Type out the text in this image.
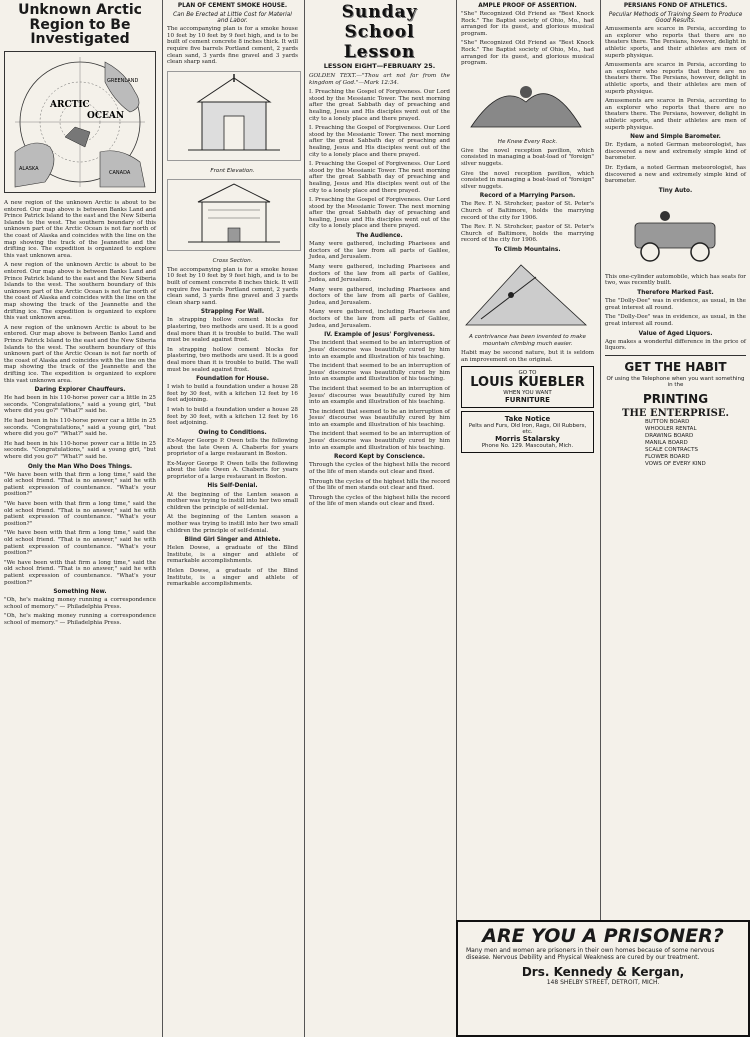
Unknown Arctic Region to Be Investigated
ARCTIC
OCEAN
GREENLAND
ALASKA
CANADA

A new region of the unknown Arctic is about to be entered. Our map above is between Banks Land and Prince Patrick Island to the east and the New Siberia Islands to the west. The southern boundary of this unknown part of the Arctic Ocean is not far north of the coast of Alaska and coincides with the line on the map showing the track of the Jeannette and the drifting ice. The expedition is organized to explore this vast unknown area.

A new region of the unknown Arctic is about to be entered. Our map above is between Banks Land and Prince Patrick Island to the east and the New Siberia Islands to the west. The southern boundary of this unknown part of the Arctic Ocean is not far north of the coast of Alaska and coincides with the line on the map showing the track of the Jeannette and the drifting ice. The expedition is organized to explore this vast unknown area.

A new region of the unknown Arctic is about to be entered. Our map above is between Banks Land and Prince Patrick Island to the east and the New Siberia Islands to the west. The southern boundary of this unknown part of the Arctic Ocean is not far north of the coast of Alaska and coincides with the line on the map showing the track of the Jeannette and the drifting ice. The expedition is organized to explore this vast unknown area.

Daring Explorer Chauffeurs.

He had been in his 110-horse power car a little in 25 seconds. "Congratulations," said a young girl, "but where did you go?" "What?" said he.

He had been in his 110-horse power car a little in 25 seconds. "Congratulations," said a young girl, "but where did you go?" "What?" said he.

He had been in his 110-horse power car a little in 25 seconds. "Congratulations," said a young girl, "but where did you go?" "What?" said he.

Only the Man Who Does Things.

"We have been with that firm a long time," said the old school friend. "That is no answer," said he with patient expression of countenance. "What's your position?"

"We have been with that firm a long time," said the old school friend. "That is no answer," said he with patient expression of countenance. "What's your position?"

"We have been with that firm a long time," said the old school friend. "That is no answer," said he with patient expression of countenance. "What's your position?"

"We have been with that firm a long time," said the old school friend. "That is no answer," said he with patient expression of countenance. "What's your position?"

Something New.

"Oh, he's making money running a correspondence school of memory." — Philadelphia Press.

"Oh, he's making money running a correspondence school of memory." — Philadelphia Press.

PLAN OF CEMENT SMOKE HOUSE.
Can Be Erected at Little Cost for Material and Labor.

The accompanying plan is for a smoke house 10 feet by 10 feet by 9 feet high, and is to be built of cement concrete 8 inches thick. It will require five barrels Portland cement, 2 yards clean sand, 3 yards fine gravel and 3 yards clean sharp sand.

Front Elevation.
Cross Section.

The accompanying plan is for a smoke house 10 feet by 10 feet by 9 feet high, and is to be built of cement concrete 8 inches thick. It will require five barrels Portland cement, 2 yards clean sand, 3 yards fine gravel and 3 yards clean sharp sand.

Strapping For Wall.

In strapping hollow cement blocks for plastering, two methods are used. It is a good deal more than it is trouble to build. The wall must be sealed against frost.

In strapping hollow cement blocks for plastering, two methods are used. It is a good deal more than it is trouble to build. The wall must be sealed against frost.

Foundation for House.

I wish to build a foundation under a house 28 feet by 30 feet, with a kitchen 12 feet by 16 feet adjoining.

I wish to build a foundation under a house 28 feet by 30 feet, with a kitchen 12 feet by 16 feet adjoining.

Owing to Conditions.

Ex-Mayor George P. Owen tells the following about the late Owen A. Chaberts for years proprietor of a large restaurant in Boston.

Ex-Mayor George P. Owen tells the following about the late Owen A. Chaberts for years proprietor of a large restaurant in Boston.

His Self-Denial.

At the beginning of the Lenten season a mother was trying to instill into her two small children the principle of self-denial.

At the beginning of the Lenten season a mother was trying to instill into her two small children the principle of self-denial.

Blind Girl Singer and Athlete.

Helen Dowse, a graduate of the Blind Institute, is a singer and athlete of remarkable accomplishments.

Helen Dowse, a graduate of the Blind Institute, is a singer and athlete of remarkable accomplishments.

Sunday School Lesson
LESSON EIGHT—FEBRUARY 25.

GOLDEN TEXT.—"Thou art not far from the kingdom of God."—Mark 12:34.

I. Preaching the Gospel of Forgiveness. Our Lord stood by the Messianic Tower. The next morning after the great Sabbath day of preaching and healing, Jesus and His disciples went out of the city to a lonely place and there prayed.

I. Preaching the Gospel of Forgiveness. Our Lord stood by the Messianic Tower. The next morning after the great Sabbath day of preaching and healing, Jesus and His disciples went out of the city to a lonely place and there prayed.

I. Preaching the Gospel of Forgiveness. Our Lord stood by the Messianic Tower. The next morning after the great Sabbath day of preaching and healing, Jesus and His disciples went out of the city to a lonely place and there prayed.

I. Preaching the Gospel of Forgiveness. Our Lord stood by the Messianic Tower. The next morning after the great Sabbath day of preaching and healing, Jesus and His disciples went out of the city to a lonely place and there prayed.

The Audience.

Many were gathered, including Pharisees and doctors of the law from all parts of Galilee, Judea, and Jerusalem.

Many were gathered, including Pharisees and doctors of the law from all parts of Galilee, Judea, and Jerusalem.

Many were gathered, including Pharisees and doctors of the law from all parts of Galilee, Judea, and Jerusalem.

Many were gathered, including Pharisees and doctors of the law from all parts of Galilee, Judea, and Jerusalem.

IV. Example of Jesus' Forgiveness.

The incident that seemed to be an interruption of Jesus' discourse was beautifully cured by him into an example and illustration of his teaching.

The incident that seemed to be an interruption of Jesus' discourse was beautifully cured by him into an example and illustration of his teaching.

The incident that seemed to be an interruption of Jesus' discourse was beautifully cured by him into an example and illustration of his teaching.

The incident that seemed to be an interruption of Jesus' discourse was beautifully cured by him into an example and illustration of his teaching.

The incident that seemed to be an interruption of Jesus' discourse was beautifully cured by him into an example and illustration of his teaching.

Record Kept by Conscience.

Through the cycles of the highest hills the record of the life of men stands out clear and fixed.

Through the cycles of the highest hills the record of the life of men stands out clear and fixed.

Through the cycles of the highest hills the record of the life of men stands out clear and fixed.

AMPLE PROOF OF ASSERTION.

"She" Recognized Old Friend as "Best Knock Rock." The Baptist society of Ohio, Mo., had arranged for its guest, and glorious musical program.

"She" Recognized Old Friend as "Best Knock Rock." The Baptist society of Ohio, Mo., had arranged for its guest, and glorious musical program.

He Knew Every Rock.

Give the novel reception pavilion, which consisted in managing a boat-load of "foreign" silver nuggets.

Give the novel reception pavilion, which consisted in managing a boat-load of "foreign" silver nuggets.

Record of a Marrying Parson.

The Rev. F. N. Strohcker, pastor of St. Peter's Church of Baltimore, holds the marrying record of the city for 1906.

The Rev. F. N. Strohcker, pastor of St. Peter's Church of Baltimore, holds the marrying record of the city for 1906.

To Climb Mountains.

A contrivance has been invented to make mountain climbing much easier.

Habit may be second nature, but it is seldom an improvement on the original.

GO TO
LOUIS KUEBLER
WHEN YOU WANT
FURNITURE
Take Notice
Pelts and Furs, Old Iron, Rags, Oil Rubbers, etc.
Morris Stalarsky
Phone No. 129. Mascoutah, Mich.
PERSIANS FOND OF ATHLETICS.
Peculiar Methods of Training Seem to Produce Good Results.

Amusements are scarce in Persia, according to an explorer who reports that there are no theaters there. The Persians, however, delight in athletic sports, and their athletes are men of superb physique.

Amusements are scarce in Persia, according to an explorer who reports that there are no theaters there. The Persians, however, delight in athletic sports, and their athletes are men of superb physique.

Amusements are scarce in Persia, according to an explorer who reports that there are no theaters there. The Persians, however, delight in athletic sports, and their athletes are men of superb physique.

New and Simple Barometer.

Dr. Eydam, a noted German meteorologist, has discovered a new and extremely simple kind of barometer.

Dr. Eydam, a noted German meteorologist, has discovered a new and extremely simple kind of barometer.

Tiny Auto.

This one-cylinder automobile, which has seats for two, was recently built.

Therefore Marked Fast.

The "Dolly-Dee" was in evidence, as usual, in the great interest all round.

The "Dolly-Dee" was in evidence, as usual, in the great interest all round.

Value of Aged Liquors.

Age makes a wonderful difference in the price of liquors.

GET THE HABIT
Of using the Telephone when you want something in the
PRINTING
THE ENTERPRISE.
BUTTON BOARD
WHOOLER RENTAL
DRAWING BOARD
MANILA BOARD
SCALE CONTRACTS
FLOWER BOARD
VOWS OF EVERY KIND
ARE YOU A PRISONER?
Many men and women are prisoners in their own homes because of some nervous disease. Nervous Debility and Physical Weakness are cured by our treatment.
Drs. Kennedy & Kergan,
148 SHELBY STREET, DETROIT, MICH.
